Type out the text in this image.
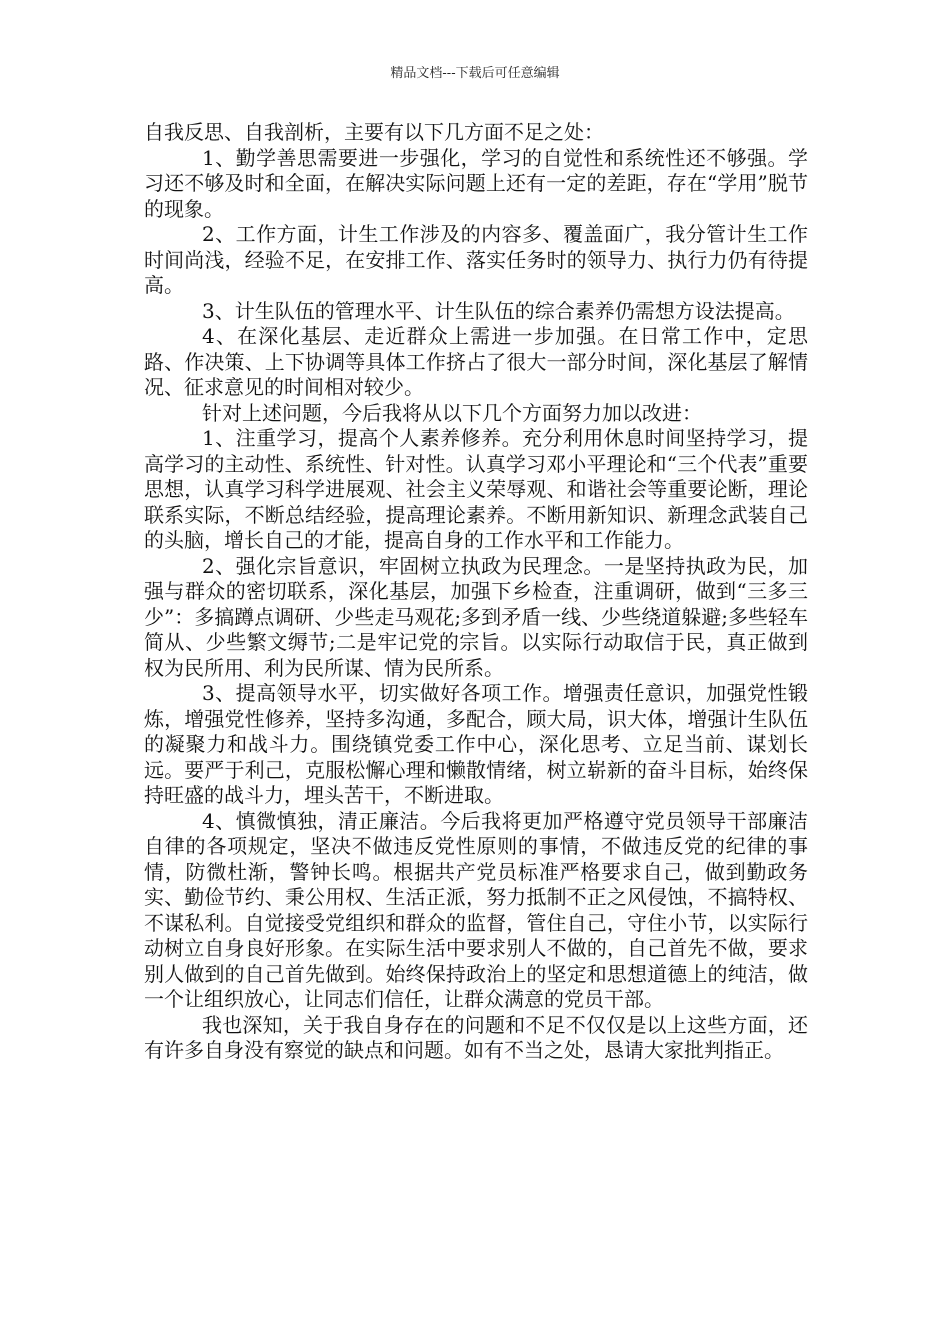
精品文档---下载后可任意编辑

自我反思、自我剖析，主要有以下几方面不足之处：

1、勤学善思需要进一步强化，学习的自觉性和系统性还不够强。学习还不够及时和全面，在解决实际问题上还有一定的差距，存在“学用”脱节的现象。

2、工作方面，计生工作涉及的内容多、覆盖面广，我分管计生工作时间尚浅，经验不足，在安排工作、落实任务时的领导力、执行力仍有待提高。

3、计生队伍的管理水平、计生队伍的综合素养仍需想方设法提高。

4、在深化基层、走近群众上需进一步加强。在日常工作中，定思路、作决策、上下协调等具体工作挤占了很大一部分时间，深化基层了解情况、征求意见的时间相对较少。

针对上述问题，今后我将从以下几个方面努力加以改进：

1、注重学习，提高个人素养修养。充分利用休息时间坚持学习，提高学习的主动性、系统性、针对性。认真学习邓小平理论和“三个代表”重要思想，认真学习科学进展观、社会主义荣辱观、和谐社会等重要论断，理论联系实际，不断总结经验，提高理论素养。不断用新知识、新理念武装自己的头脑，增长自己的才能，提高自身的工作水平和工作能力。

2、强化宗旨意识，牢固树立执政为民理念。一是坚持执政为民，加强与群众的密切联系，深化基层，加强下乡检查，注重调研，做到“三多三少”：多搞蹲点调研、少些走马观花;多到矛盾一线、少些绕道躲避;多些轻车简从、少些繁文缛节;二是牢记党的宗旨。以实际行动取信于民，真正做到权为民所用、利为民所谋、情为民所系。

3、提高领导水平，切实做好各项工作。增强责任意识，加强党性锻炼，增强党性修养，坚持多沟通，多配合，顾大局，识大体，增强计生队伍的凝聚力和战斗力。围绕镇党委工作中心，深化思考、立足当前、谋划长远。要严于利己，克服松懈心理和懒散情绪，树立崭新的奋斗目标，始终保持旺盛的战斗力，埋头苦干，不断进取。

4、慎微慎独，清正廉洁。今后我将更加严格遵守党员领导干部廉洁自律的各项规定，坚决不做违反党性原则的事情，不做违反党的纪律的事情，防微杜渐，警钟长鸣。根据共产党员标准严格要求自己，做到勤政务实、勤俭节约、秉公用权、生活正派，努力抵制不正之风侵蚀，不搞特权、不谋私利。自觉接受党组织和群众的监督，管住自己，守住小节，以实际行动树立自身良好形象。在实际生活中要求别人不做的，自己首先不做，要求别人做到的自己首先做到。始终保持政治上的坚定和思想道德上的纯洁，做一个让组织放心，让同志们信任，让群众满意的党员干部。

我也深知，关于我自身存在的问题和不足不仅仅是以上这些方面，还有许多自身没有察觉的缺点和问题。如有不当之处，恳请大家批判指正。
